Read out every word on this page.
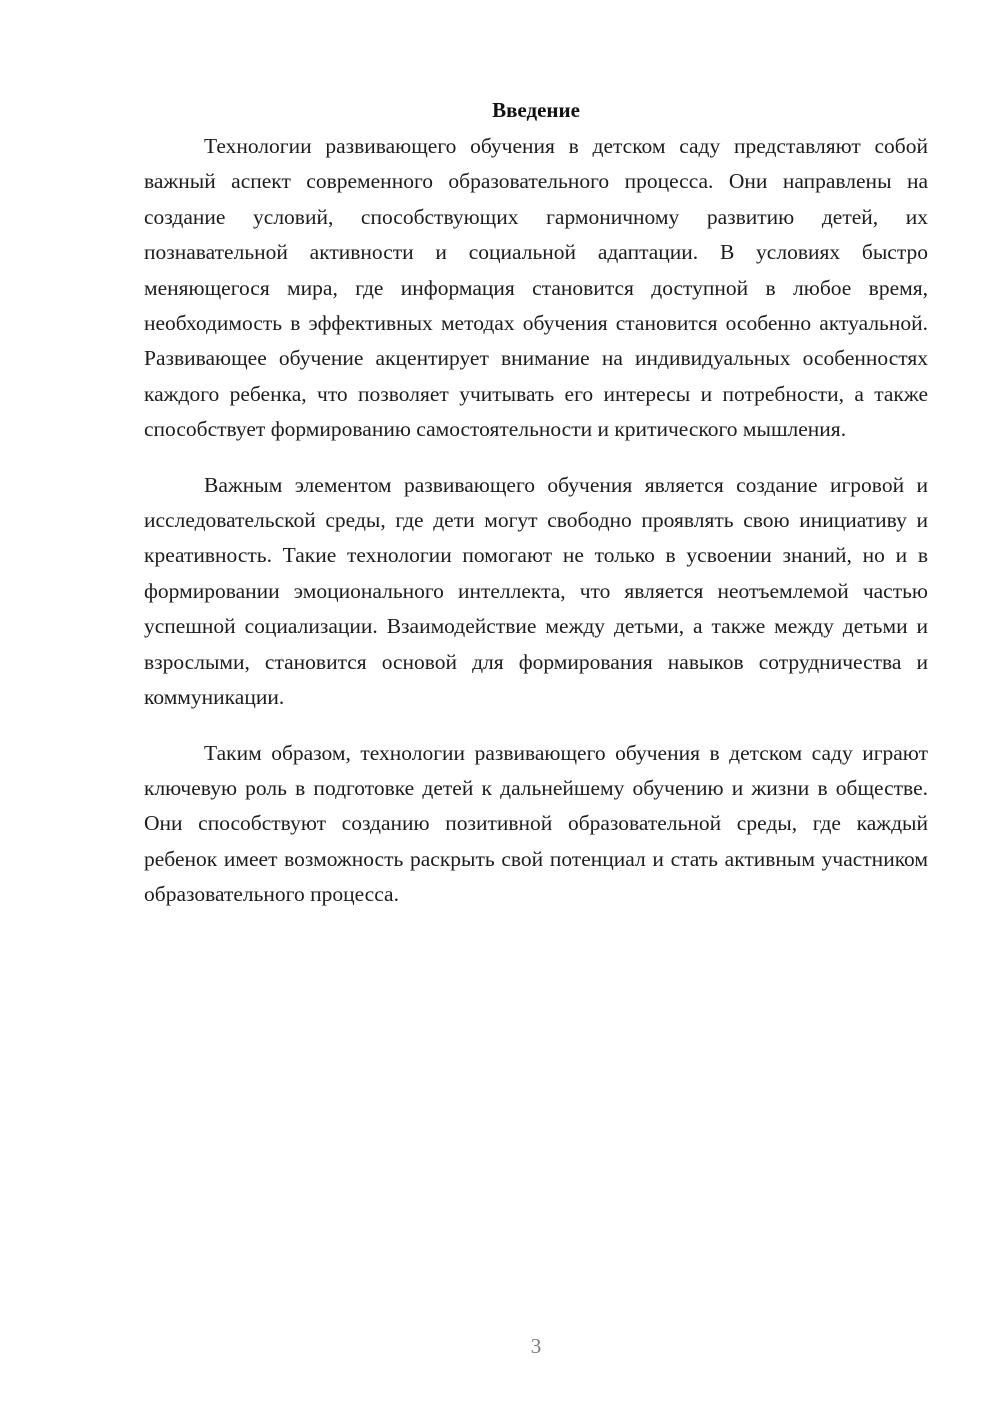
Введение

Технологии развивающего обучения в детском саду представляют собой важный аспект современного образовательного процесса. Они направлены на создание условий, способствующих гармоничному развитию детей, их познавательной активности и социальной адаптации. В условиях быстро меняющегося мира, где информация становится доступной в любое время, необходимость в эффективных методах обучения становится особенно актуальной. Развивающее обучение акцентирует внимание на индивидуальных особенностях каждого ребенка, что позволяет учитывать его интересы и потребности, а также способствует формированию самостоятельности и критического мышления.

Важным элементом развивающего обучения является создание игровой и исследовательской среды, где дети могут свободно проявлять свою инициативу и креативность. Такие технологии помогают не только в усвоении знаний, но и в формировании эмоционального интеллекта, что является неотъемлемой частью успешной социализации. Взаимодействие между детьми, а также между детьми и взрослыми, становится основой для формирования навыков сотрудничества и коммуникации.

Таким образом, технологии развивающего обучения в детском саду играют ключевую роль в подготовке детей к дальнейшему обучению и жизни в обществе. Они способствуют созданию позитивной образовательной среды, где каждый ребенок имеет возможность раскрыть свой потенциал и стать активным участником образовательного процесса.

3
